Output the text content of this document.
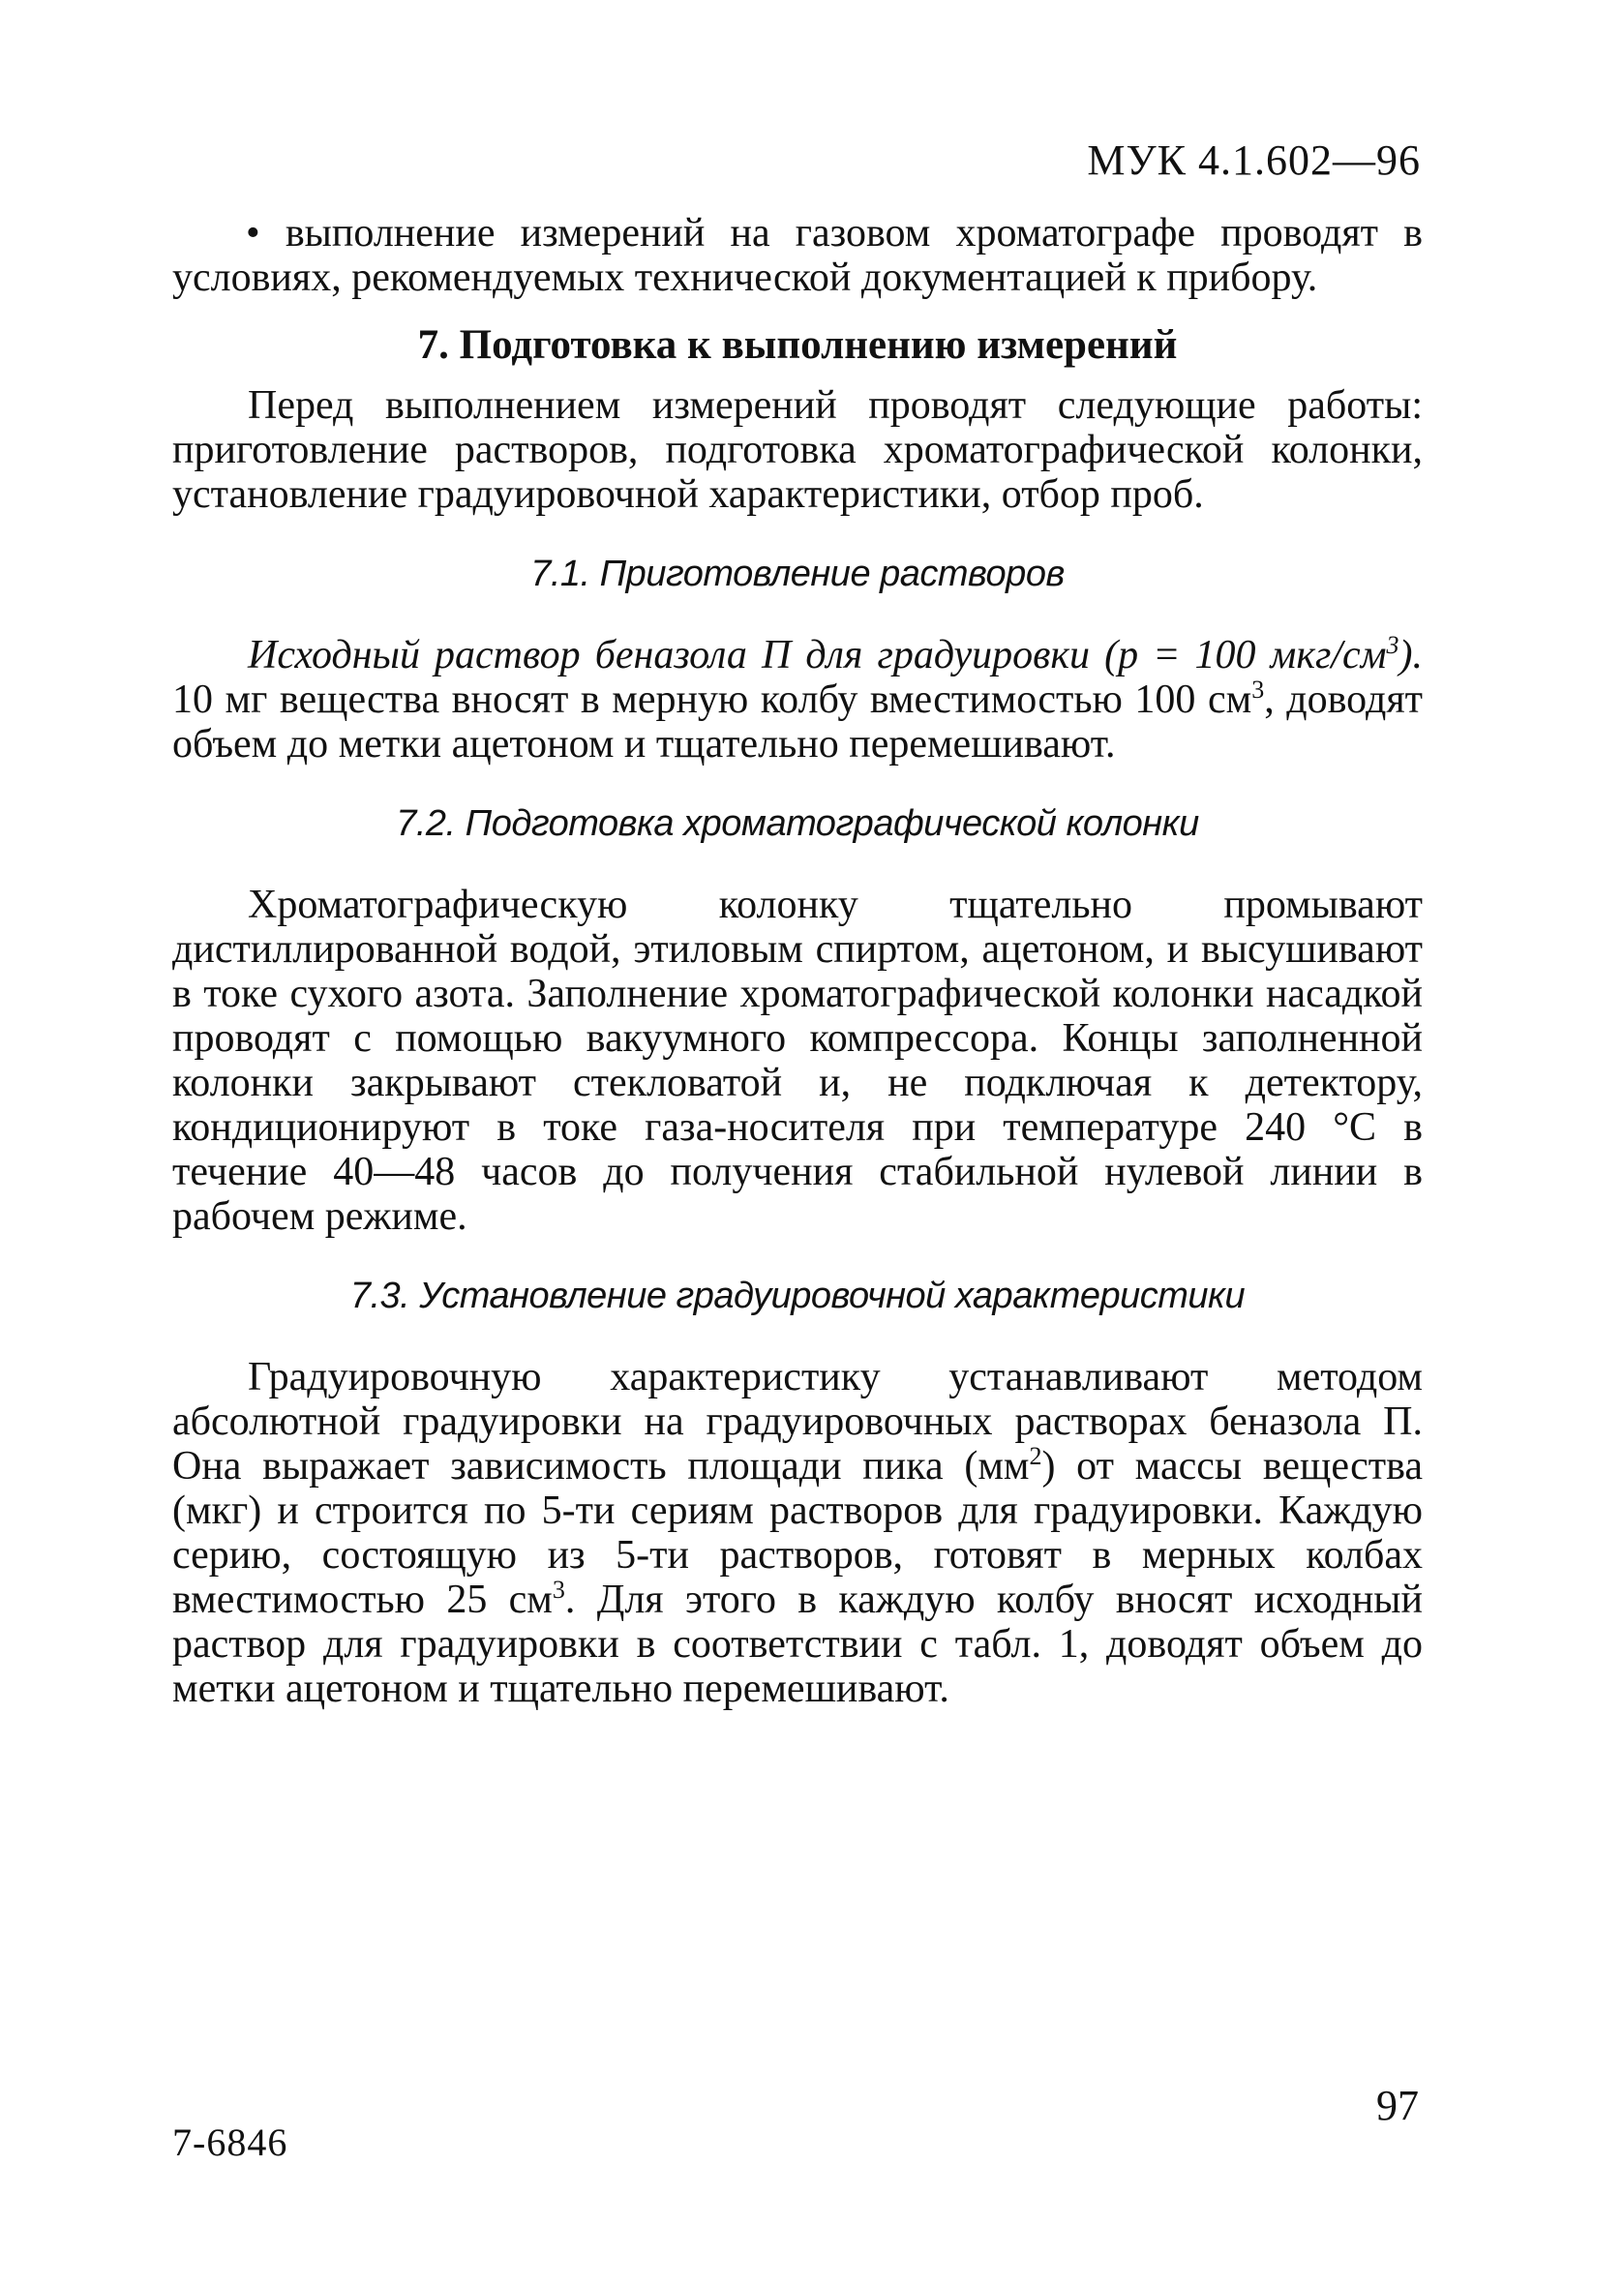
МУК 4.1.602—96

• выполнение измерений на газовом хроматографе проводят в условиях, рекомендуемых технической документацией к прибору.

7. Подготовка к выполнению измерений

Перед выполнением измерений проводят следующие работы: приготовление растворов, подготовка хроматографической колонки, установление градуировочной характеристики, отбор проб.

7.1. Приготовление растворов

Исходный раствор беназола П для градуировки (р = 100 мкг/$см^3$). 10 мг вещества вносят в мерную колбу вместимостью 100 $см^3$, доводят объем до метки ацетоном и тщательно перемешивают.

7.2. Подготовка хроматографической колонки

Хроматографическую колонку тщательно промывают дистиллированной водой, этиловым спиртом, ацетоном, и высушивают в токе сухого азота. Заполнение хроматографической колонки насадкой проводят с помощью вакуумного компрессора. Концы заполненной колонки закрывают стекловатой и, не подключая к детектору, кондиционируют в токе газа-носителя при температуре 240 °С в течение 40—48 часов до получения стабильной нулевой линии в рабочем режиме.

7.3. Установление градуировочной характеристики

Градуировочную характеристику устанавливают методом абсолютной градуировки на градуировочных растворах беназола П. Она выражает зависимость площади пика $(мм^2)$ от массы вещества (мкг) и строится по 5-ти сериям растворов для градуировки. Каждую серию, состоящую из 5-ти растворов, готовят в мерных колбах вместимостью 25 $см^3$. Для этого в каждую колбу вносят исходный раствор для градуировки в соответствии с табл. 1, доводят объем до метки ацетоном и тщательно перемешивают.

7-6846
97
